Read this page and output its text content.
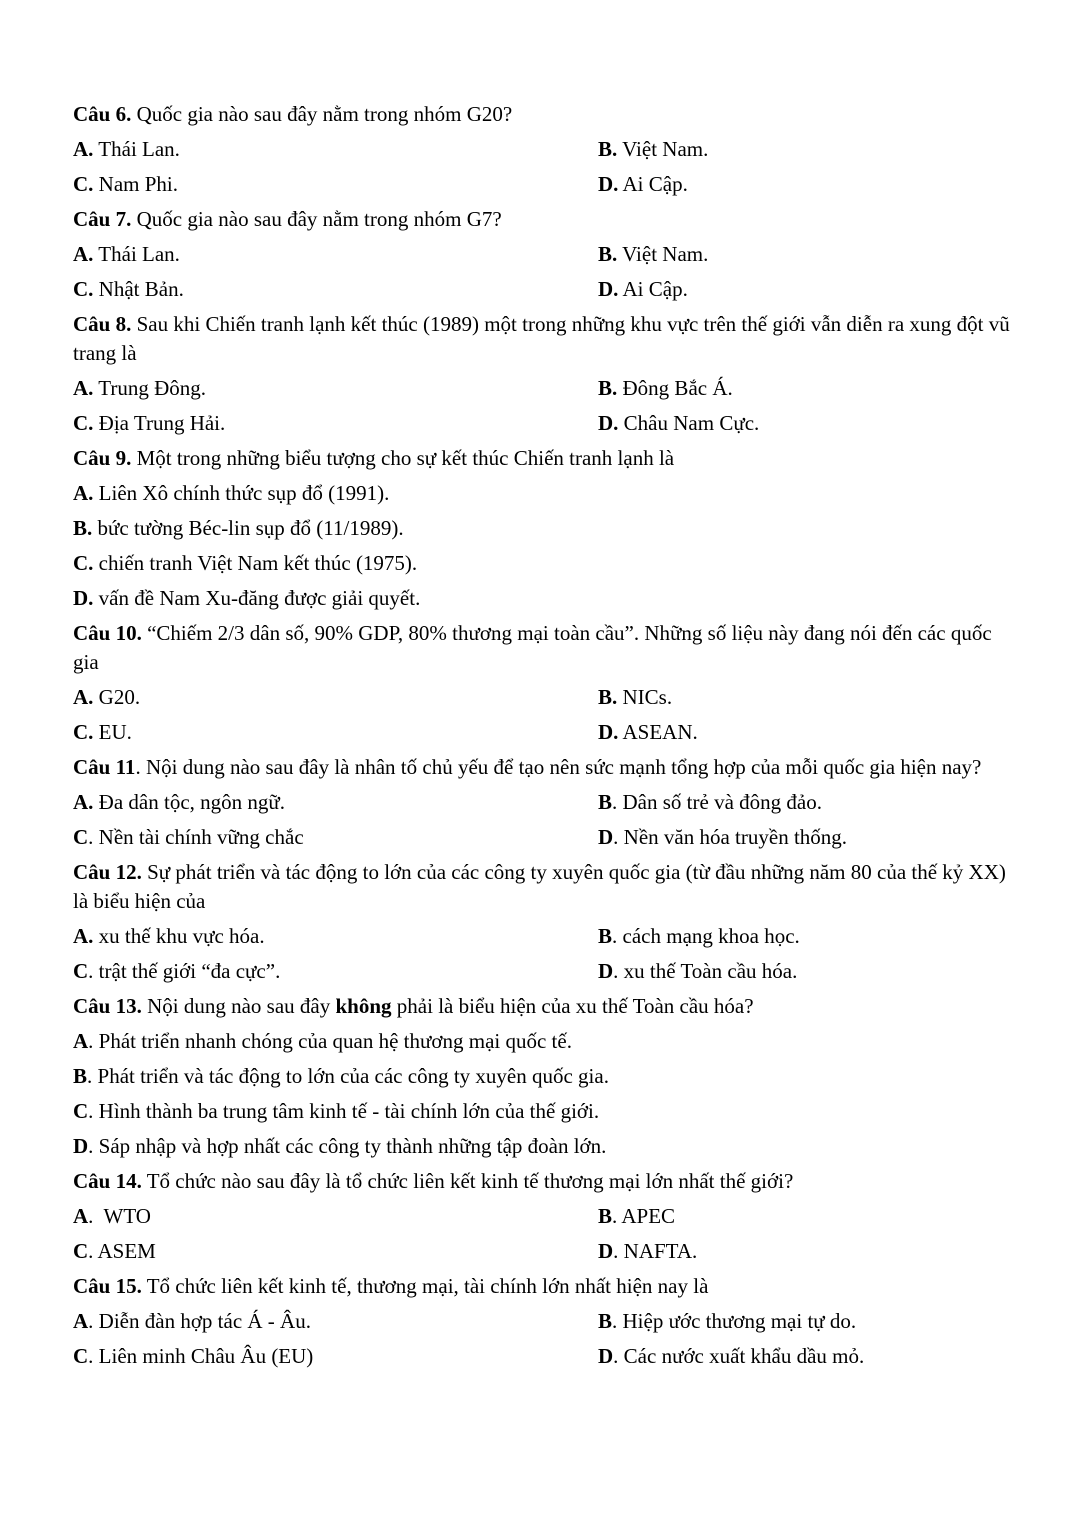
Câu 6. Quốc gia nào sau đây nằm trong nhóm G20?

A. Thái Lan.	B. Việt Nam.
C. Nam Phi.	D. Ai Cập.

Câu 7. Quốc gia nào sau đây nằm trong nhóm G7?

A. Thái Lan.	B. Việt Nam.
C. Nhật Bản.	D. Ai Cập.

Câu 8. Sau khi Chiến tranh lạnh kết thúc (1989) một trong những khu vực trên thế giới vẫn diễn ra xung đột vũ trang là

A. Trung Đông.	B. Đông Bắc Á.
C. Địa Trung Hải.	D. Châu Nam Cực.

Câu 9. Một trong những biểu tượng cho sự kết thúc Chiến tranh lạnh là

A. Liên Xô chính thức sụp đổ (1991).
B. bức tường Béc-lin sụp đổ (11/1989).
C. chiến tranh Việt Nam kết thúc (1975).
D. vấn đề Nam Xu-đăng được giải quyết.

Câu 10. “Chiếm 2/3 dân số, 90% GDP, 80% thương mại toàn cầu”. Những số liệu này đang nói đến các quốc gia

A. G20.	B. NICs.
C. EU.	D. ASEAN.

Câu 11. Nội dung nào sau đây là nhân tố chủ yếu để tạo nên sức mạnh tổng hợp của mỗi quốc gia hiện nay?

A. Đa dân tộc, ngôn ngữ.	B. Dân số trẻ và đông đảo.
C. Nền tài chính vững chắc	D. Nền văn hóa truyền thống.

Câu 12. Sự phát triển và tác động to lớn của các công ty xuyên quốc gia (từ đầu những năm 80 của thế kỷ XX) là biểu hiện của

A. xu thế khu vực hóa.	B. cách mạng khoa học.
C. trật thế giới “đa cực”.	D. xu thế Toàn cầu hóa.

Câu 13. Nội dung nào sau đây không phải là biểu hiện của xu thế Toàn cầu hóa?

A. Phát triển nhanh chóng của quan hệ thương mại quốc tế.
B. Phát triển và tác động to lớn của các công ty xuyên quốc gia.
C. Hình thành ba trung tâm kinh tế - tài chính lớn của thế giới.
D. Sáp nhập và hợp nhất các công ty thành những tập đoàn lớn.

Câu 14. Tổ chức nào sau đây là tổ chức liên kết kinh tế thương mại lớn nhất thế giới?

A.  WTO	B. APEC
C. ASEM	D. NAFTA.

Câu 15. Tổ chức liên kết kinh tế, thương mại, tài chính lớn nhất hiện nay là

A. Diễn đàn hợp tác Á - Âu.	B. Hiệp ước thương mại tự do.
C. Liên minh Châu Âu (EU)	D. Các nước xuất khẩu dầu mỏ.
